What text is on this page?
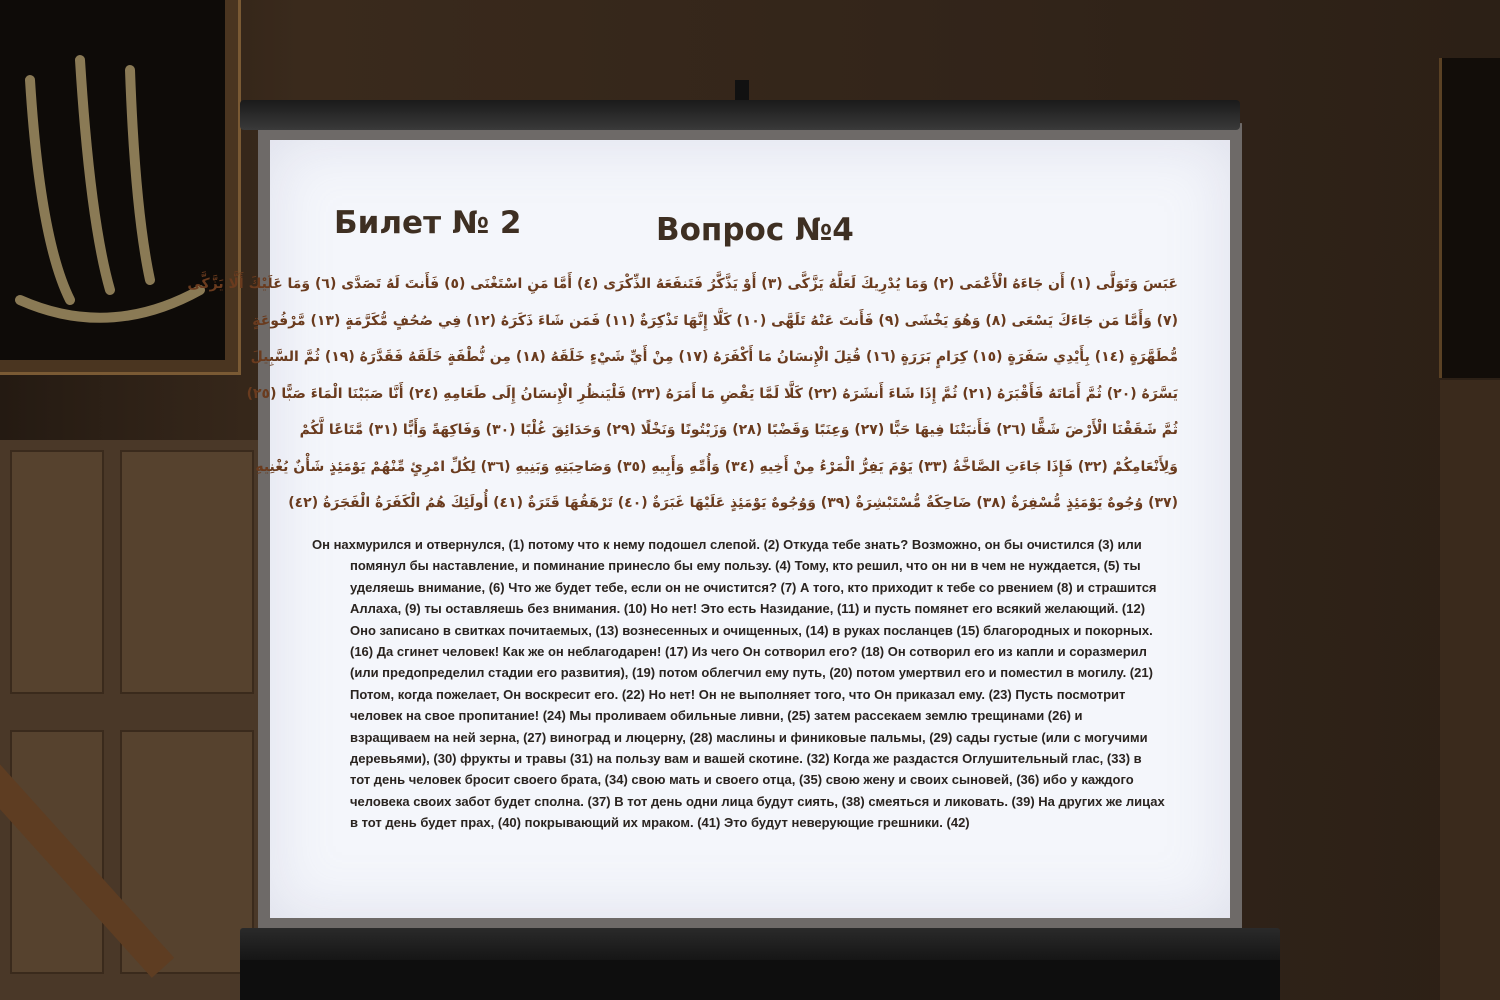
Билет № 2	Вопрос №4
عَبَسَ وَتَوَلَّى (١) أَن جَاءَهُ الْأَعْمَى (٢) وَمَا يُدْرِيكَ لَعَلَّهُ يَزَّكَّى (٣) أَوْ يَذَّكَّرُ فَتَنفَعَهُ الذِّكْرَى (٤) أَمَّا مَنِ اسْتَغْنَى (٥) فَأَنتَ لَهُ تَصَدَّى (٦) وَمَا عَلَيْكَ أَلَّا يَزَّكَّى
(٧) وَأَمَّا مَن جَاءَكَ يَسْعَى (٨) وَهُوَ يَخْشَى (٩) فَأَنتَ عَنْهُ تَلَهَّى (١٠) كَلَّا إِنَّهَا تَذْكِرَةٌ (١١) فَمَن شَاءَ ذَكَرَهُ (١٢) فِي صُحُفٍ مُّكَرَّمَةٍ (١٣) مَّرْفُوعَةٍ
مُّطَهَّرَةٍ (١٤) بِأَيْدِي سَفَرَةٍ (١٥) كِرَامٍ بَرَرَةٍ (١٦) قُتِلَ الْإِنسَانُ مَا أَكْفَرَهُ (١٧) مِنْ أَيِّ شَيْءٍ خَلَقَهُ (١٨) مِن نُّطْفَةٍ خَلَقَهُ فَقَدَّرَهُ (١٩) ثُمَّ السَّبِيلَ
يَسَّرَهُ (٢٠) ثُمَّ أَمَاتَهُ فَأَقْبَرَهُ (٢١) ثُمَّ إِذَا شَاءَ أَنشَرَهُ (٢٢) كَلَّا لَمَّا يَقْضِ مَا أَمَرَهُ (٢٣) فَلْيَنظُرِ الْإِنسَانُ إِلَى طَعَامِهِ (٢٤) أَنَّا صَبَبْنَا الْمَاءَ صَبًّا (٢٥)
ثُمَّ شَقَقْنَا الْأَرْضَ شَقًّا (٢٦) فَأَنبَتْنَا فِيهَا حَبًّا (٢٧) وَعِنَبًا وَقَضْبًا (٢٨) وَزَيْتُونًا وَنَخْلًا (٢٩) وَحَدَائِقَ غُلْبًا (٣٠) وَفَاكِهَةً وَأَبًّا (٣١) مَّتَاعًا لَّكُمْ
وَلِأَنْعَامِكُمْ (٣٢) فَإِذَا جَاءَتِ الصَّاخَّةُ (٣٣) يَوْمَ يَفِرُّ الْمَرْءُ مِنْ أَخِيهِ (٣٤) وَأُمِّهِ وَأَبِيهِ (٣٥) وَصَاحِبَتِهِ وَبَنِيهِ (٣٦) لِكُلِّ امْرِئٍ مِّنْهُمْ يَوْمَئِذٍ شَأْنٌ يُغْنِيهِ
(٣٧) وُجُوهٌ يَوْمَئِذٍ مُّسْفِرَةٌ (٣٨) ضَاحِكَةٌ مُّسْتَبْشِرَةٌ (٣٩) وَوُجُوهٌ يَوْمَئِذٍ عَلَيْهَا غَبَرَةٌ (٤٠) تَرْهَقُهَا قَتَرَةٌ (٤١) أُولَئِكَ هُمُ الْكَفَرَةُ الْفَجَرَةُ (٤٢)
Он нахмурился и отвернулся, (1) потому что к нему подошел слепой. (2) Откуда тебе знать? Возможно, он бы очистился (3) или
помянул бы наставление, и поминание принесло бы ему пользу. (4) Тому, кто решил, что он ни в чем не нуждается, (5) ты
уделяешь внимание, (6) Что же будет тебе, если он не очистится? (7) А того, кто приходит к тебе со рвением (8) и страшится
Аллаха, (9) ты оставляешь без внимания. (10) Но нет! Это есть Назидание, (11) и пусть помянет его всякий желающий. (12)
Оно записано в свитках почитаемых, (13) вознесенных и очищенных, (14) в руках посланцев (15) благородных и покорных.
(16) Да сгинет человек! Как же он неблагодарен! (17) Из чего Он сотворил его? (18) Он сотворил его из капли и соразмерил
(или предопределил стадии его развития), (19) потом облегчил ему путь, (20) потом умертвил его и поместил в могилу. (21)
Потом, когда пожелает, Он воскресит его. (22) Но нет! Он не выполняет того, что Он приказал ему. (23) Пусть посмотрит
человек на свое пропитание! (24) Мы проливаем обильные ливни, (25) затем рассекаем землю трещинами (26) и
взращиваем на ней зерна, (27) виноград и люцерну, (28) маслины и финиковые пальмы, (29) сады густые (или с могучими
деревьями), (30) фрукты и травы (31) на пользу вам и вашей скотине. (32) Когда же раздастся Оглушительный глас, (33) в
тот день человек бросит своего брата, (34) свою мать и своего отца, (35) свою жену и своих сыновей, (36) ибо у каждого
человека своих забот будет сполна. (37) В тот день одни лица будут сиять, (38) смеяться и ликовать. (39) На других же лицах
в тот день будет прах, (40) покрывающий их мраком. (41) Это будут неверующие грешники. (42)
